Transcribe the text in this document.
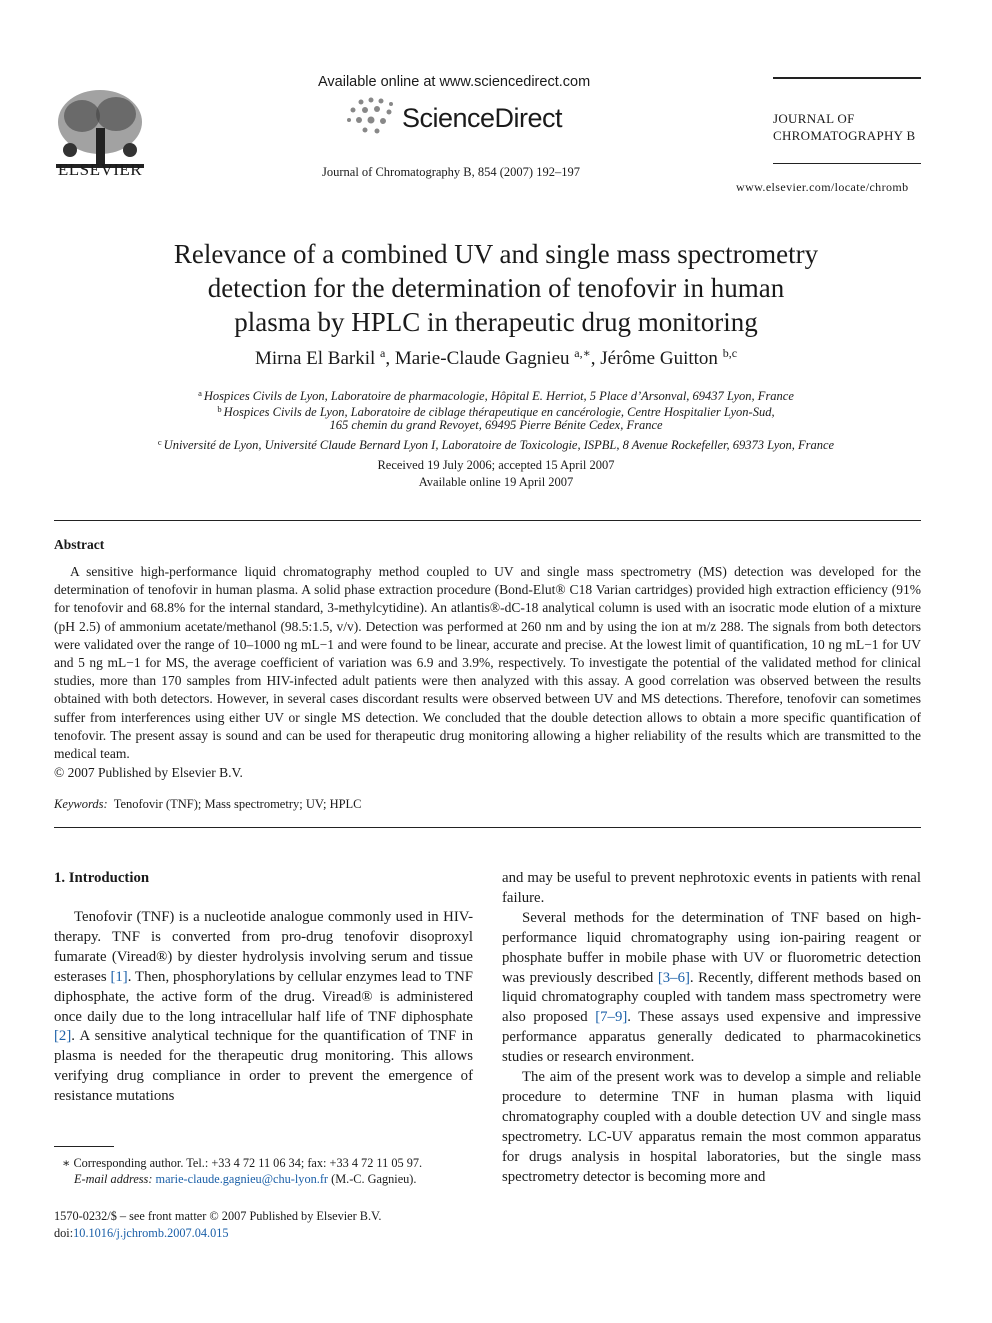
ELSEVIER
Available online at www.sciencedirect.com
ScienceDirect
Journal of Chromatography B, 854 (2007) 192–197
JOURNAL OF
CHROMATOGRAPHY B
www.elsevier.com/locate/chromb
Relevance of a combined UV and single mass spectrometry
detection for the determination of tenofovir in human
plasma by HPLC in therapeutic drug monitoring
Mirna El Barkil $^a$, Marie-Claude Gagnieu $^{a,∗}$, Jérôme Guitton $^{b,c}$
$^a$ Hospices Civils de Lyon, Laboratoire de pharmacologie, Hôpital E. Herriot, 5 Place d’Arsonval, 69437 Lyon, France
$^b$ Hospices Civils de Lyon, Laboratoire de ciblage thérapeutique en cancérologie, Centre Hospitalier Lyon-Sud,
165 chemin du grand Revoyet, 69495 Pierre Bénite Cedex, France
$^c$ Université de Lyon, Université Claude Bernard Lyon I, Laboratoire de Toxicologie, ISPBL, 8 Avenue Rockefeller, 69373 Lyon, France
Received 19 July 2006; accepted 15 April 2007
Available online 19 April 2007
Abstract
A sensitive high-performance liquid chromatography method coupled to UV and single mass spectrometry (MS) detection was developed for the determination of tenofovir in human plasma. A solid phase extraction procedure (Bond-Elut® C18 Varian cartridges) provided high extraction efficiency (91% for tenofovir and 68.8% for the internal standard, 3-methylcytidine). An atlantis®-dC-18 analytical column is used with an isocratic mode elution of a mixture (pH 2.5) of ammonium acetate/methanol (98.5:1.5, v/v). Detection was performed at 260 nm and by using the ion at m/z 288. The signals from both detectors were validated over the range of 10–1000 ng mL−1 and were found to be linear, accurate and precise. At the lowest limit of quantification, 10 ng mL−1 for UV and 5 ng mL−1 for MS, the average coefficient of variation was 6.9 and 3.9%, respectively. To investigate the potential of the validated method for clinical studies, more than 170 samples from HIV-infected adult patients were then analyzed with this assay. A good correlation was observed between the results obtained with both detectors. However, in several cases discordant results were observed between UV and MS detections. Therefore, tenofovir can sometimes suffer from interferences using either UV or single MS detection. We concluded that the double detection allows to obtain a more specific quantification of tenofovir. The present assay is sound and can be used for therapeutic drug monitoring allowing a higher reliability of the results which are transmitted to the medical team.
© 2007 Published by Elsevier B.V.
Keywords: Tenofovir (TNF); Mass spectrometry; UV; HPLC
1. Introduction

Tenofovir (TNF) is a nucleotide analogue commonly used in HIV-therapy. TNF is converted from pro-drug tenofovir disoproxyl fumarate (Viread®) by diester hydrolysis involving serum and tissue esterases [1]. Then, phosphorylations by cellular enzymes lead to TNF diphosphate, the active form of the drug. Viread® is administered once daily due to the long intracellular half life of TNF diphosphate [2]. A sensitive analytical technique for the quantification of TNF in plasma is needed for the therapeutic drug monitoring. This allows verifying drug compliance in order to prevent the emergence of resistance mutations

and may be useful to prevent nephrotoxic events in patients with renal failure.

Several methods for the determination of TNF based on high-performance liquid chromatography using ion-pairing reagent or phosphate buffer in mobile phase with UV or fluorometric detection was previously described [3–6]. Recently, different methods based on liquid chromatography coupled with tandem mass spectrometry were also proposed [7–9]. These assays used expensive and impressive performance apparatus generally dedicated to pharmacokinetics studies or research environment.

The aim of the present work was to develop a simple and reliable procedure to determine TNF in human plasma with liquid chromatography coupled with a double detection UV and single mass spectrometry. LC-UV apparatus remain the most common apparatus for drugs analysis in hospital laboratories, but the single mass spectrometry detector is becoming more and

∗ Corresponding author. Tel.: +33 4 72 11 06 34; fax: +33 4 72 11 05 97.
E-mail address: marie-claude.gagnieu@chu-lyon.fr (M.-C. Gagnieu).
1570-0232/$ – see front matter © 2007 Published by Elsevier B.V.
doi:10.1016/j.jchromb.2007.04.015
